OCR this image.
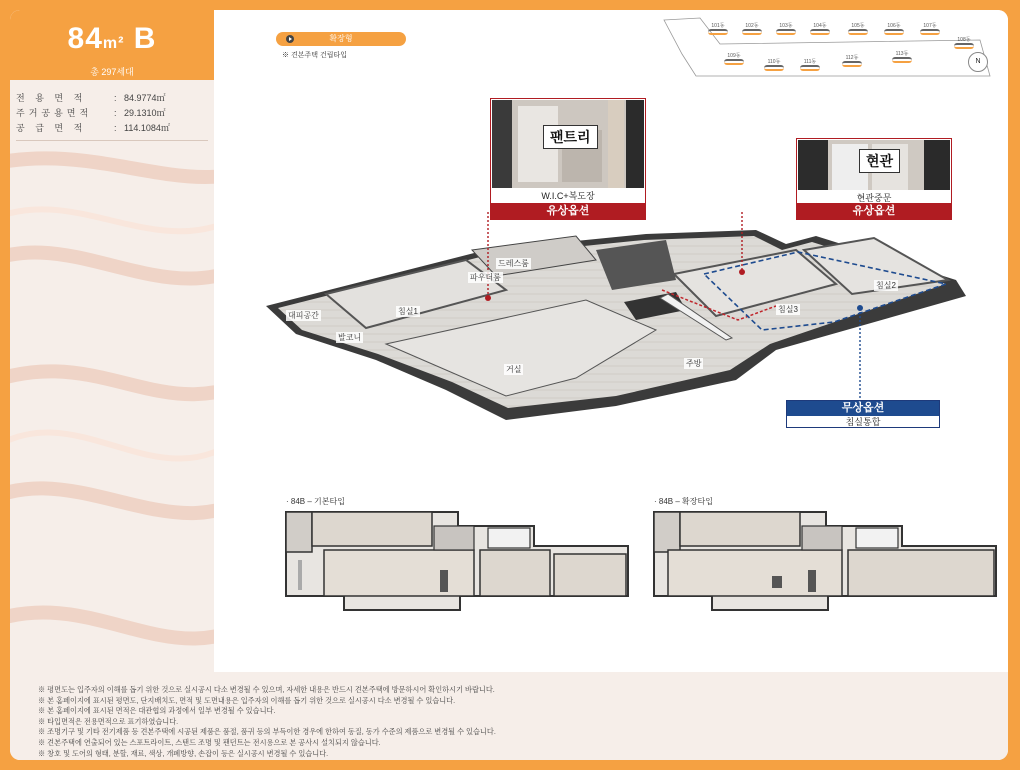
84m² B
총 297세대
전 용 면 적	: 84.9774㎡
주거공용면적	: 29.1310㎡
공 급 면 적	: 114.1084㎡
확장형
※ 견본주택 건립타입
101동	102동	103동	104동	105동	106동	107동
108동
109동
110동	111동
112동
113동
N
팬트리
W.I.C+복도장
유상옵션
현관
현관중문
유상옵션
드레스룸
파우더룸
침실1
침실2
침실3
대피공간
발코니
거실
주방
무상옵션
침실통합
· 84B – 기본타입	· 84B – 확장타입
※ 평면도는 입주자의 이해를 돕기 위한 것으로 실시공시 다소 변경될 수 있으며, 자세한 내용은 반드시 견본주택에 방문하시어 확인하시기 바랍니다.
※ 본 홈페이지에 표시된 평면도, 단지배치도, 면적 및 도면내용은 입주자의 이해를 돕기 위한 것으로 실시공시 다소 변경될 수 있습니다.
※ 본 홈페이지에 표시된 면적은 대관협의 과정에서 일부 변경될 수 있습니다.
※ 타입면적은 전용면적으로 표기하였습니다.
※ 조명기구 및 기타 전기제품 등 견본주택에 시공된 제품은 품절, 품귀 등의 부득이한 경우에 한하여 동질, 동가 수준의 제품으로 변경될 수 있습니다.
※ 견본주택에 연출되어 있는 스포트라이트, 스탠드 조명 및 팬던트는 전시용으로 본 공사시 설치되지 않습니다.
※ 창호 및 도어의 형태, 분할, 재료, 색상, 개폐방향, 손잡이 등은 실시공시 변경될 수 있습니다.
